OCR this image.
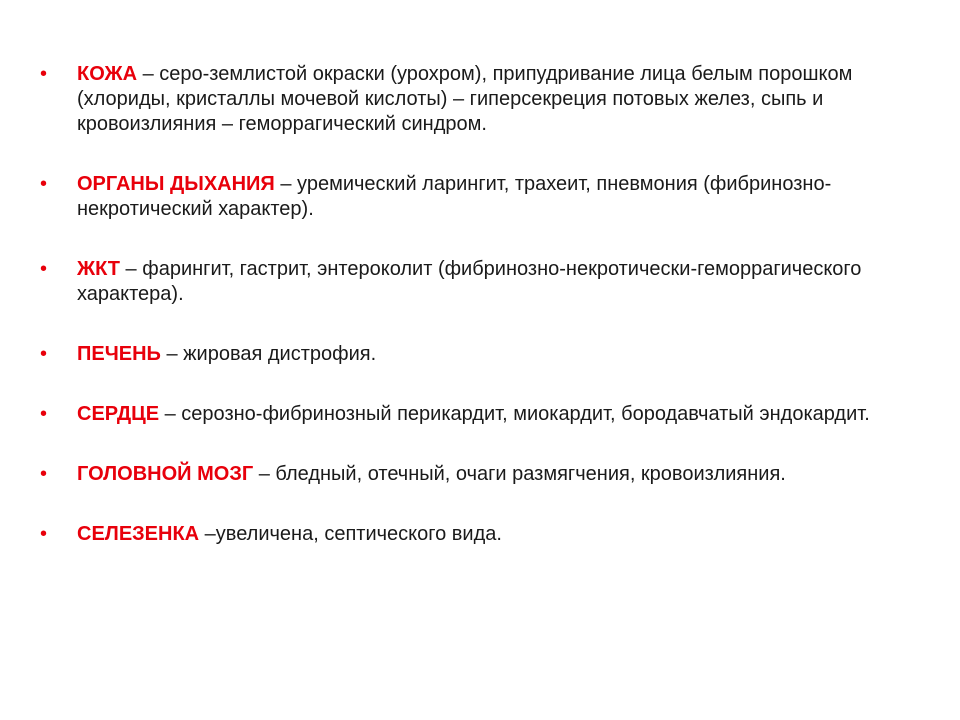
• КОЖА – серо-землистой окраски (урохром), припудривание лица белым порошком (хлориды, кристаллы мочевой кислоты) – гиперсекреция потовых желез, сыпь и кровоизлияния – геморрагический синдром.
• ОРГАНЫ ДЫХАНИЯ – уремический ларингит, трахеит, пневмония (фибринозно-некротический характер).
• ЖКТ – фарингит, гастрит, энтероколит (фибринозно-некротически-геморрагического характера).
• ПЕЧЕНЬ – жировая дистрофия.
• СЕРДЦЕ – серозно-фибринозный перикардит, миокардит, бородавчатый эндокардит.
• ГОЛОВНОЙ МОЗГ – бледный, отечный, очаги размягчения, кровоизлияния.
• СЕЛЕЗЕНКА –увеличена, септического вида.
